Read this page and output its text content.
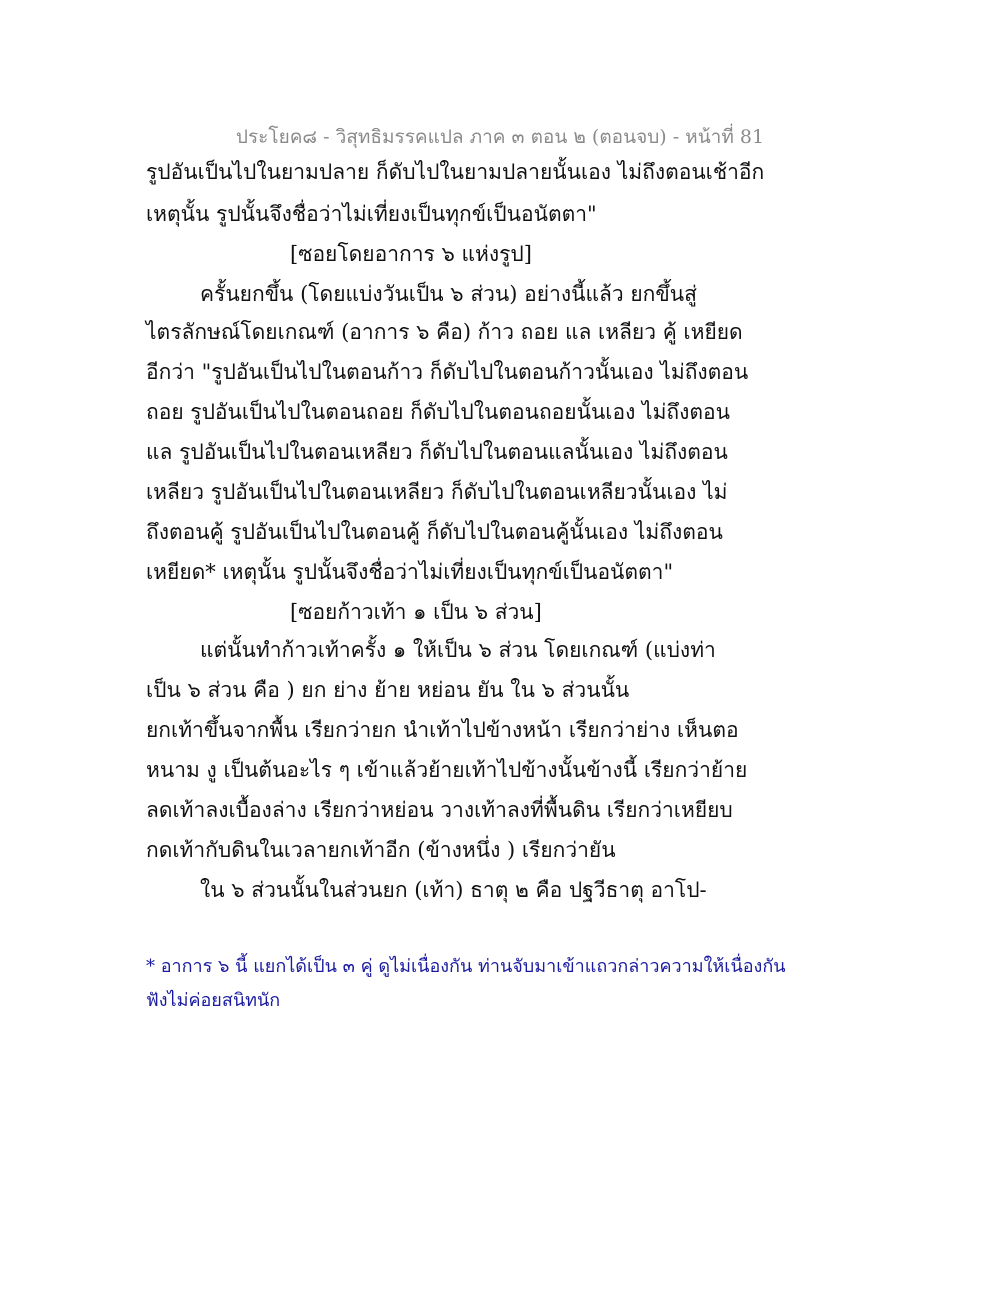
ประโยค๘ - วิสุทธิมรรคแปล ภาค ๓ ตอน ๒ (ตอนจบ) - หน้าที่ 81
รูปอันเป็นไปในยามปลาย ก็ดับไปในยามปลายนั้นเอง ไม่ถึงตอนเช้าอีก
เหตุนั้น รูปนั้นจึงชื่อว่าไม่เที่ยงเป็นทุกข์เป็นอนัตตา"
[ซอยโดยอาการ ๖ แห่งรูป]
ครั้นยกขึ้น (โดยแบ่งวันเป็น ๖ ส่วน) อย่างนี้แล้ว ยกขึ้นสู่
ไตรลักษณ์โดยเกณฑ์ (อาการ ๖ คือ) ก้าว ถอย แล เหลียว คู้ เหยียด
อีกว่า "รูปอันเป็นไปในตอนก้าว ก็ดับไปในตอนก้าวนั้นเอง ไม่ถึงตอน
ถอย รูปอันเป็นไปในตอนถอย ก็ดับไปในตอนถอยนั้นเอง ไม่ถึงตอน
แล รูปอันเป็นไปในตอนเหลียว ก็ดับไปในตอนแลนั้นเอง ไม่ถึงตอน
เหลียว รูปอันเป็นไปในตอนเหลียว ก็ดับไปในตอนเหลียวนั้นเอง ไม่
ถึงตอนคู้ รูปอันเป็นไปในตอนคู้ ก็ดับไปในตอนคู้นั้นเอง ไม่ถึงตอน
เหยียด* เหตุนั้น รูปนั้นจึงชื่อว่าไม่เที่ยงเป็นทุกข์เป็นอนัตตา"
[ซอยก้าวเท้า ๑ เป็น ๖ ส่วน]
แต่นั้นทำก้าวเท้าครั้ง ๑ ให้เป็น ๖ ส่วน โดยเกณฑ์ (แบ่งท่า
เป็น ๖ ส่วน คือ ) ยก ย่าง ย้าย หย่อน ยัน ใน ๖ ส่วนนั้น
ยกเท้าขึ้นจากพื้น เรียกว่ายก นำเท้าไปข้างหน้า เรียกว่าย่าง เห็นตอ
หนาม งู เป็นต้นอะไร ๆ เข้าแล้วย้ายเท้าไปข้างนั้นข้างนี้ เรียกว่าย้าย
ลดเท้าลงเบื้องล่าง เรียกว่าหย่อน วางเท้าลงที่พื้นดิน เรียกว่าเหยียบ
กดเท้ากับดินในเวลายกเท้าอีก (ข้างหนึ่ง ) เรียกว่ายัน
ใน ๖ ส่วนนั้นในส่วนยก (เท้า) ธาตุ ๒ คือ ปฐวีธาตุ อาโป-
* อาการ ๖ นี้ แยกได้เป็น ๓ คู่ ดูไม่เนื่องกัน ท่านจับมาเข้าแถวกล่าวความให้เนื่องกัน
ฟังไม่ค่อยสนิทนัก
